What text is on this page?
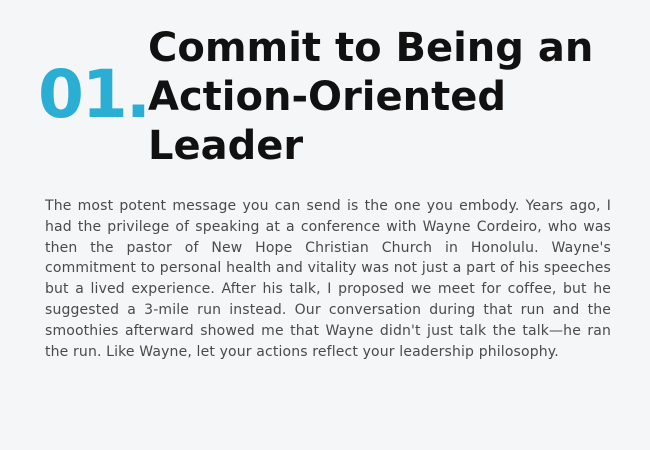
01.
Commit to Being an
Action-Oriented
Leader

The most potent message you can send is the one you embody. Years ago, I had the privilege of speaking at a conference with Wayne Cordeiro, who was then the pastor of New Hope Christian Church in Honolulu. Wayne's commitment to personal health and vitality was not just a part of his speeches but a lived experience. After his talk, I proposed we meet for coffee, but he suggested a 3-mile run instead. Our conversation during that run and the smoothies afterward showed me that Wayne didn't just talk the talk—he ran the run. Like Wayne, let your actions reflect your leadership philosophy.
